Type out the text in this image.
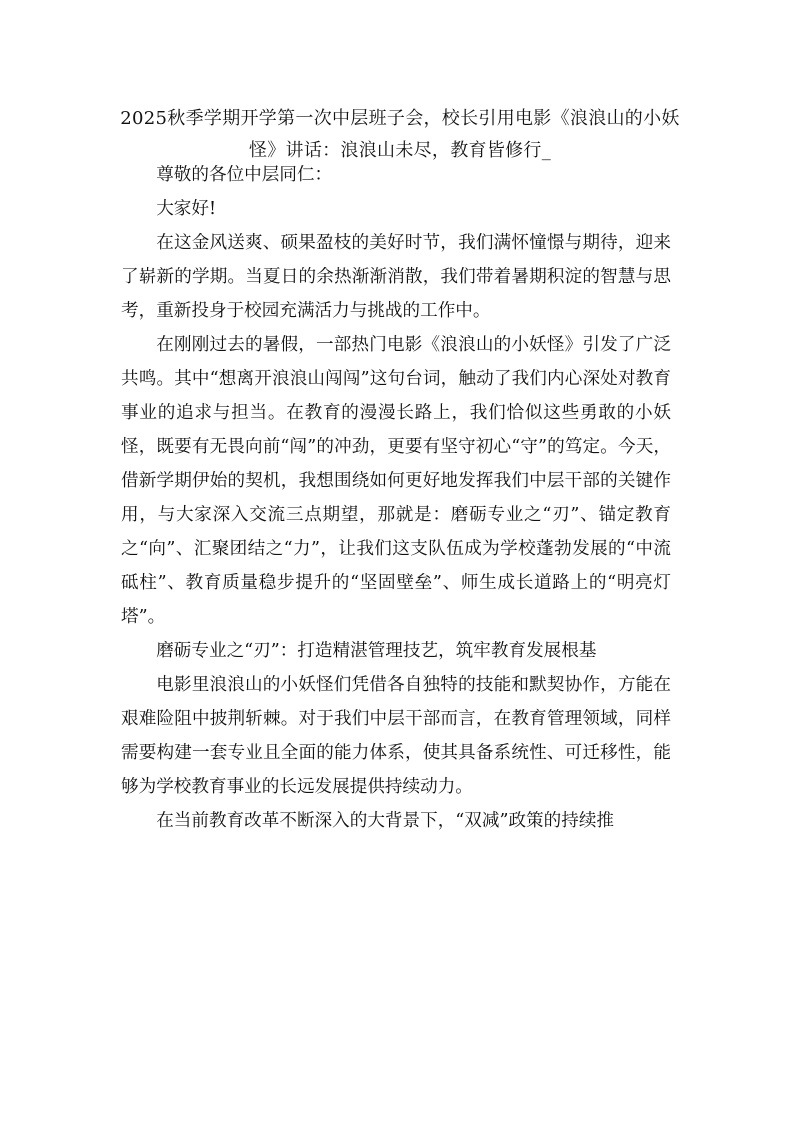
2025秋季学期开学第一次中层班子会，校长引用电影《浪浪山的小妖怪》讲话：浪浪山未尽，教育皆修行_

尊敬的各位中层同仁：

大家好!

在这金风送爽、硕果盈枝的美好时节，我们满怀憧憬与期待，迎来了崭新的学期。当夏日的余热渐渐消散，我们带着暑期积淀的智慧与思考，重新投身于校园充满活力与挑战的工作中。

在刚刚过去的暑假，一部热门电影《浪浪山的小妖怪》引发了广泛共鸣。其中“想离开浪浪山闯闯”这句台词，触动了我们内心深处对教育事业的追求与担当。在教育的漫漫长路上，我们恰似这些勇敢的小妖怪，既要有无畏向前“闯”的冲劲，更要有坚守初心“守”的笃定。今天，借新学期伊始的契机，我想围绕如何更好地发挥我们中层干部的关键作用，与大家深入交流三点期望，那就是：磨砺专业之“刃”、锚定教育之“向”、汇聚团结之“力”，让我们这支队伍成为学校蓬勃发展的“中流砥柱”、教育质量稳步提升的“坚固壁垒”、师生成长道路上的“明亮灯塔”。

磨砺专业之“刃”：打造精湛管理技艺，筑牢教育发展根基

电影里浪浪山的小妖怪们凭借各自独特的技能和默契协作，方能在艰难险阻中披荆斩棘。对于我们中层干部而言，在教育管理领域，同样需要构建一套专业且全面的能力体系，使其具备系统性、可迁移性，能够为学校教育事业的长远发展提供持续动力。

在当前教育改革不断深入的大背景下，“双减”政策的持续推
